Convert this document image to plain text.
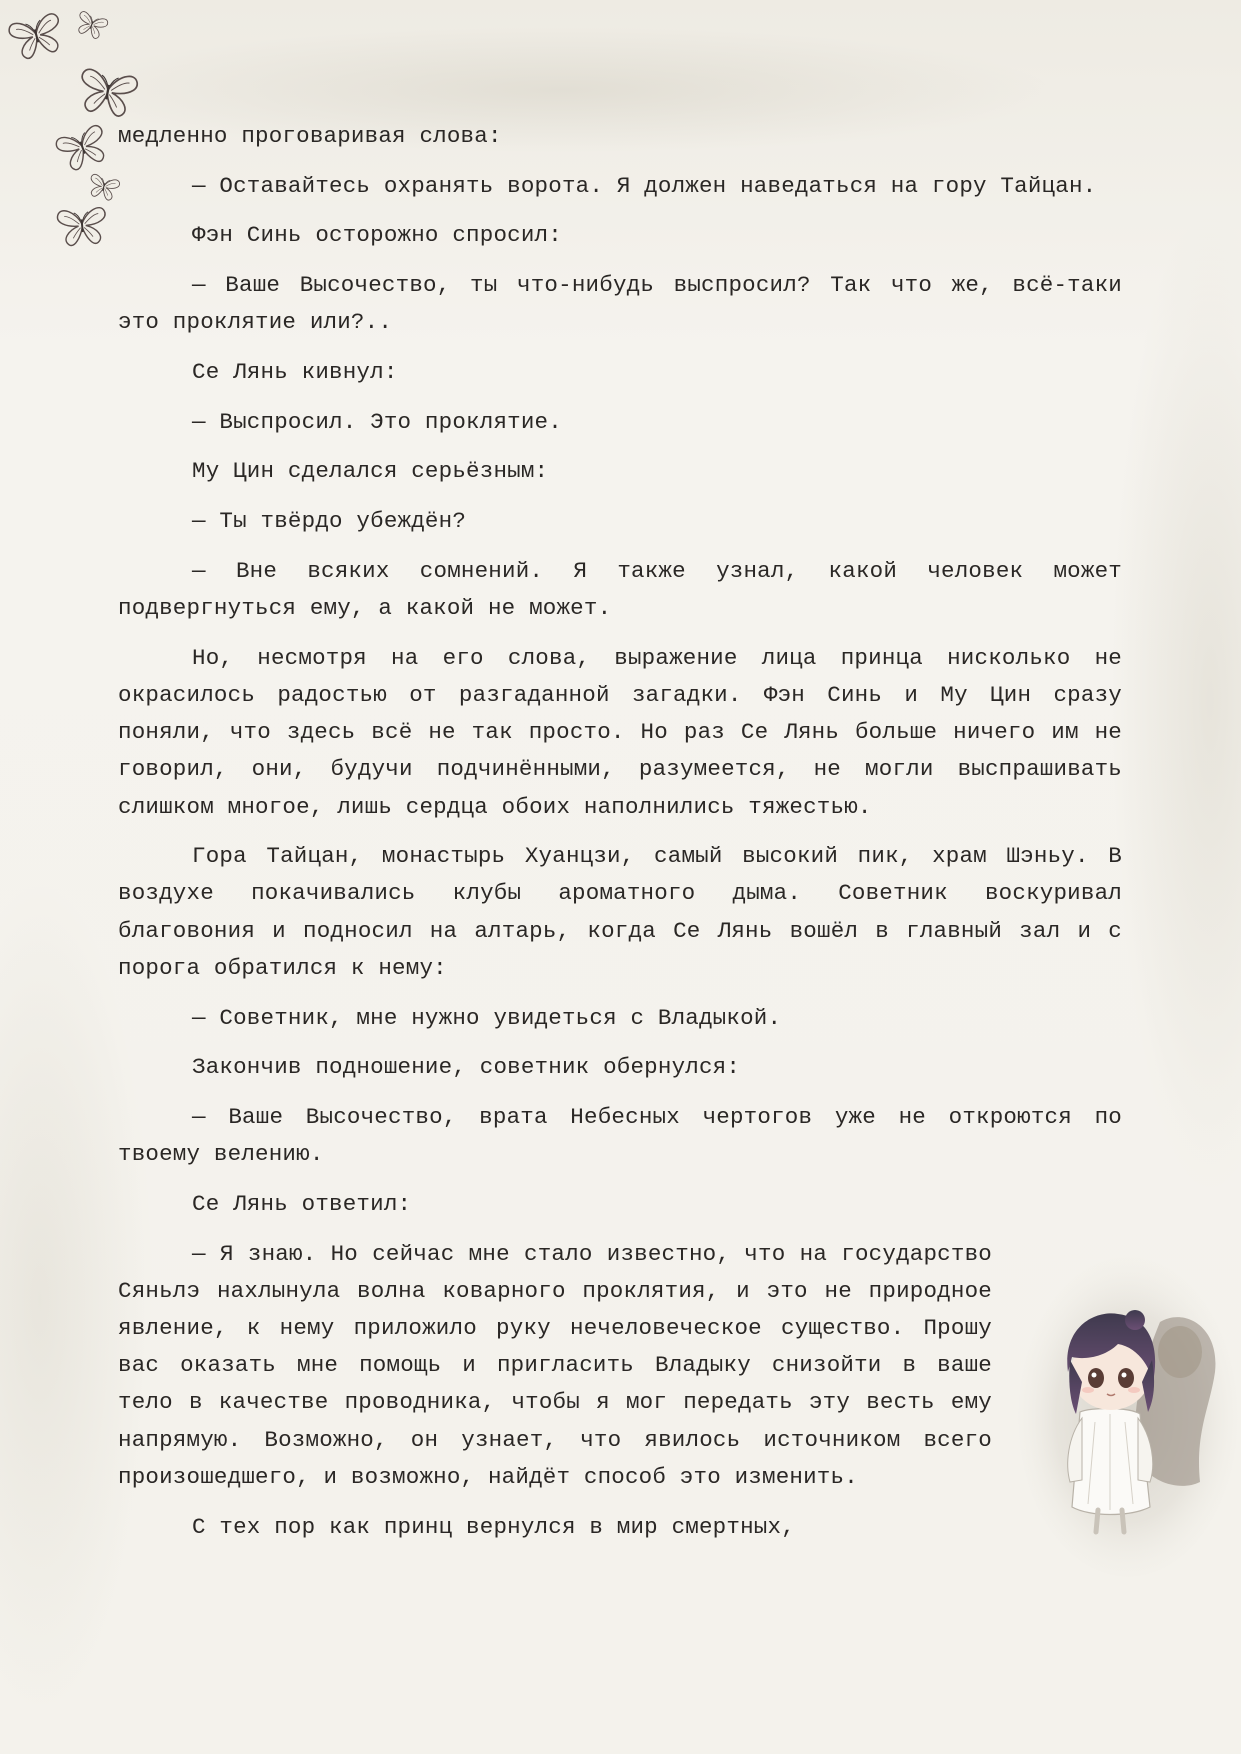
медленно проговаривая слова:

— Оставайтесь охранять ворота. Я должен наведаться на гору Тайцан.

Фэн Синь осторожно спросил:

— Ваше Высочество, ты что-нибудь выспросил? Так что же, всё-таки это проклятие или?..

Се Лянь кивнул:

— Выспросил. Это проклятие.

Му Цин сделался серьёзным:

— Ты твёрдо убеждён?

— Вне всяких сомнений. Я также узнал, какой человек может подвергнуться ему, а какой не может.

Но, несмотря на его слова, выражение лица принца нисколько не окрасилось радостью от разгаданной загадки. Фэн Синь и Му Цин сразу поняли, что здесь всё не так просто. Но раз Се Лянь больше ничего им не говорил, они, будучи подчинёнными, разумеется, не могли выспрашивать слишком многое, лишь сердца обоих наполнились тяжестью.

Гора Тайцан, монастырь Хуанцзи, самый высокий пик, храм Шэньу. В воздухе покачивались клубы ароматного дыма. Советник воскуривал благовония и подносил на алтарь, когда Се Лянь вошёл в главный зал и с порога обратился к нему:

— Советник, мне нужно увидеться с Владыкой.

Закончив подношение, советник обернулся:

— Ваше Высочество, врата Небесных чертогов уже не откроются по твоему велению.

Се Лянь ответил:

— Я знаю. Но сейчас мне стало известно, что на государство Сяньлэ нахлынула волна коварного проклятия, и это не природное явление, к нему приложило руку нечеловеческое существо. Прошу вас оказать мне помощь и пригласить Владыку снизойти в ваше тело в качестве проводника, чтобы я мог передать эту весть ему напрямую. Возможно, он узнает, что явилось источником всего произошедшего, и возможно, найдёт способ это изменить.

С тех пор как принц вернулся в мир смертных,
